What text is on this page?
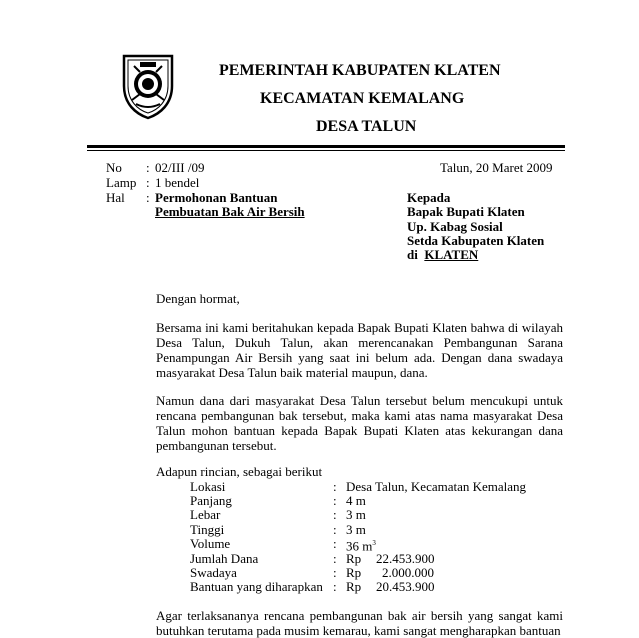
PEMERINTAH KABUPATEN KLATEN
KECAMATAN KEMALANG
DESA TALUN
No : 02/III /09	Talun, 20 Maret 2009
Lamp : 1 bendel
Hal : Permohonan Bantuan
Pembuatan Bak Air Bersih
Kepada
Bapak Bupati Klaten
Up. Kabag Sosial
Setda Kabupaten Klaten
di KLATEN
Dengan hormat,
Bersama ini kami beritahukan kepada Bapak Bupati Klaten bahwa di wilayah Desa Talun, Dukuh Talun, akan merencanakan Pembangunan Sarana Penampungan Air Bersih yang saat ini belum ada. Dengan dana swadaya masyarakat Desa Talun baik material maupun, dana.
Namun dana dari masyarakat Desa Talun tersebut belum mencukupi untuk rencana pembangunan bak tersebut, maka kami atas nama masyarakat Desa Talun mohon bantuan kepada Bapak Bupati Klaten atas kekurangan dana pembangunan tersebut.
Adapun rincian, sebagai berikut
Lokasi	: Desa Talun, Kecamatan Kemalang
Panjang	: 4 m
Lebar	: 3 m
Tinggi	: 3 m
Volume	: 36 $m^3$
Jumlah Dana	: Rp 22.453.900
Swadaya	: Rp 2.000.000
Bantuan yang diharapkan : Rp 20.453.900
Agar terlaksananya rencana pembangunan bak air bersih yang sangat kami butuhkan terutama pada musim kemarau, kami sangat mengharapkan bantuan
